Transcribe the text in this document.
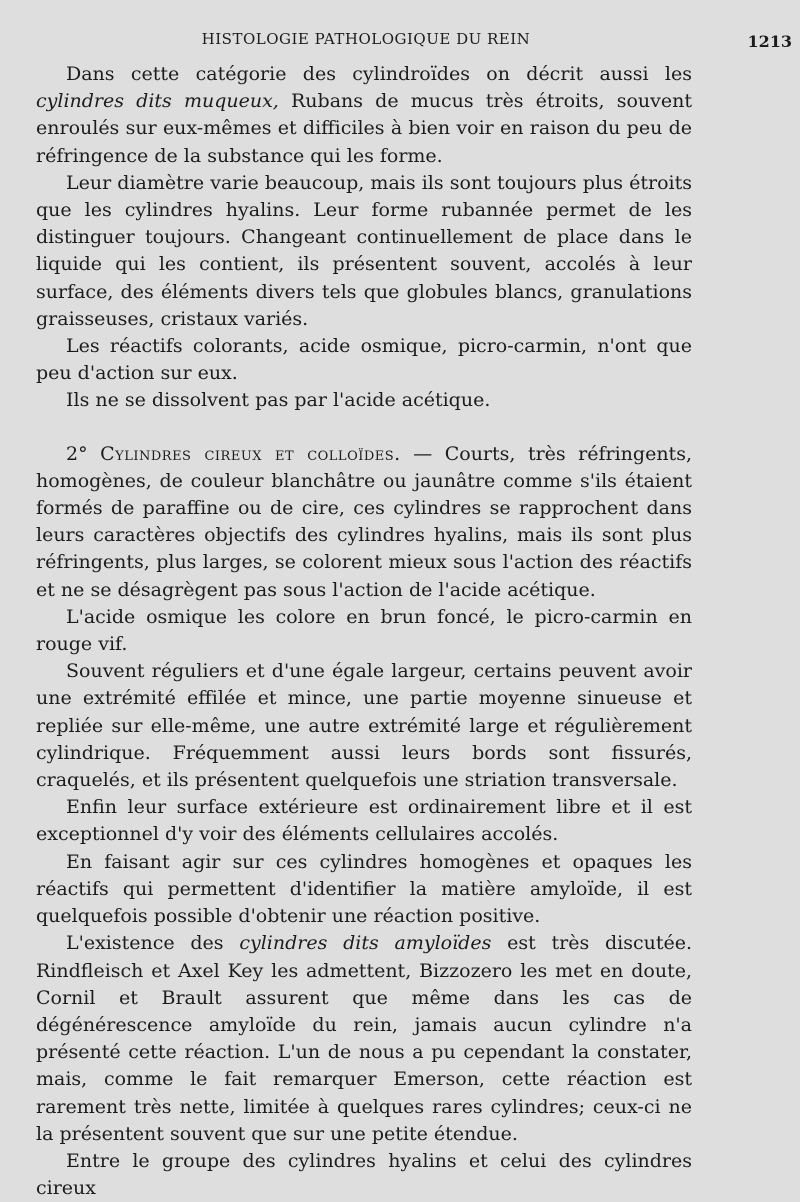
HISTOLOGIE PATHOLOGIQUE DU REIN	1213

Dans cette catégorie des cylindroïdes on décrit aussi les cylindres dits muqueux, Rubans de mucus très étroits, souvent enroulés sur eux-mêmes et difficiles à bien voir en raison du peu de réfringence de la substance qui les forme.

Leur diamètre varie beaucoup, mais ils sont toujours plus étroits que les cylindres hyalins. Leur forme rubannée permet de les distinguer toujours. Changeant continuellement de place dans le liquide qui les contient, ils présentent souvent, accolés à leur surface, des éléments divers tels que globules blancs, granulations graisseuses, cristaux variés.

Les réactifs colorants, acide osmique, picro-carmin, n'ont que peu d'action sur eux.

Ils ne se dissolvent pas par l'acide acétique.

2° Cylindres cireux et colloïdes. — Courts, très réfringents, homogènes, de couleur blanchâtre ou jaunâtre comme s'ils étaient formés de paraffine ou de cire, ces cylindres se rapprochent dans leurs caractères objectifs des cylindres hyalins, mais ils sont plus réfringents, plus larges, se colorent mieux sous l'action des réactifs et ne se désagrègent pas sous l'action de l'acide acétique.

L'acide osmique les colore en brun foncé, le picro-carmin en rouge vif.

Souvent réguliers et d'une égale largeur, certains peuvent avoir une extrémité effilée et mince, une partie moyenne sinueuse et repliée sur elle-même, une autre extrémité large et régulièrement cylindrique. Fréquemment aussi leurs bords sont fissurés, craquelés, et ils présentent quelquefois une striation transversale.

Enfin leur surface extérieure est ordinairement libre et il est exceptionnel d'y voir des éléments cellulaires accolés.

En faisant agir sur ces cylindres homogènes et opaques les réactifs qui permettent d'identifier la matière amyloïde, il est quelquefois possible d'obtenir une réaction positive.

L'existence des cylindres dits amyloïdes est très discutée. Rindfleisch et Axel Key les admettent, Bizzozero les met en doute, Cornil et Brault assurent que même dans les cas de dégénérescence amyloïde du rein, jamais aucun cylindre n'a présenté cette réaction. L'un de nous a pu cependant la constater, mais, comme le fait remarquer Emerson, cette réaction est rarement très nette, limitée à quelques rares cylindres; ceux-ci ne la présentent souvent que sur une petite étendue.

Entre le groupe des cylindres hyalins et celui des cylindres cireux
